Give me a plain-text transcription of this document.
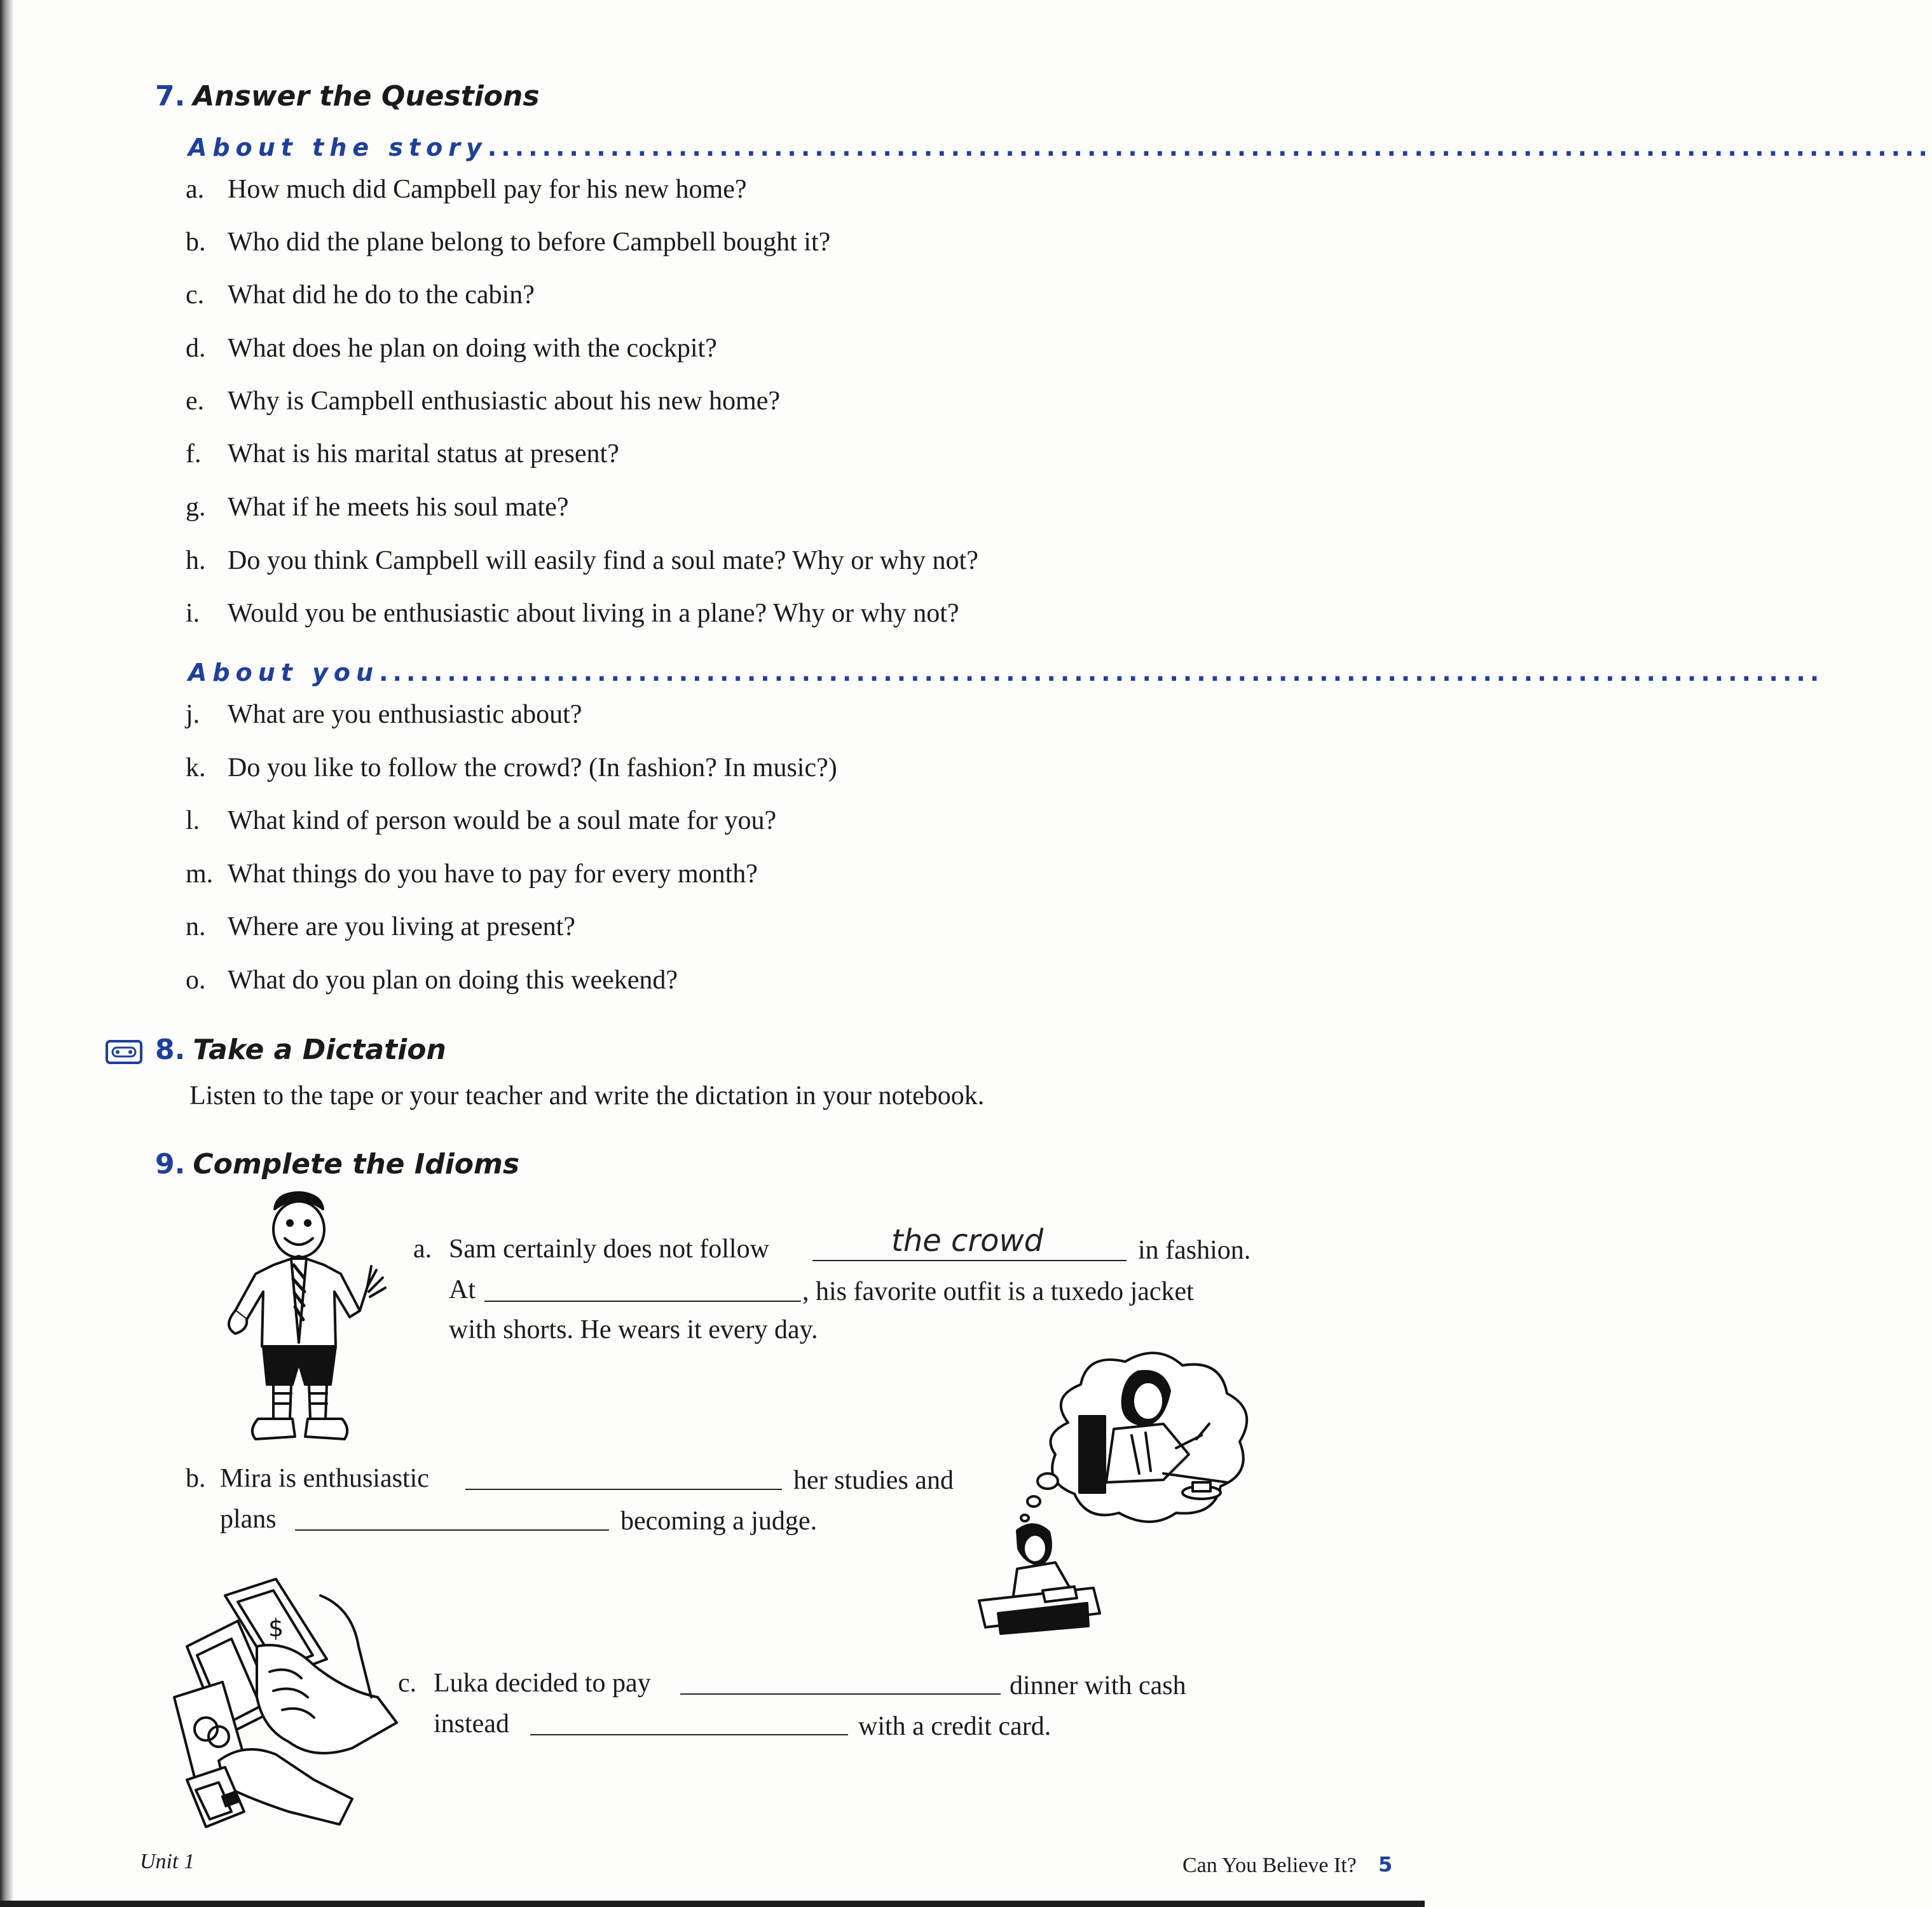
7. Answer the Questions
About the story..........................................................................................................
a. How much did Campbell pay for his new home?
b. Who did the plane belong to before Campbell bought it?
c. What did he do to the cabin?
d. What does he plan on doing with the cockpit?
e. Why is Campbell enthusiastic about his new home?
f. What is his marital status at present?
g. What if he meets his soul mate?
h. Do you think Campbell will easily find a soul mate? Why or why not?
i. Would you be enthusiastic about living in a plane? Why or why not?
About you..........................................................................................................
j. What are you enthusiastic about?
k. Do you like to follow the crowd? (In fashion? In music?)
l. What kind of person would be a soul mate for you?
m. What things do you have to pay for every month?
n. Where are you living at present?
o. What do you plan on doing this weekend?
8. Take a Dictation
Listen to the tape or your teacher and write the dictation in your notebook.
9. Complete the Idioms
a. Sam certainly does not follow	the crowd	in fashion.
At	, his favorite outfit is a tuxedo jacket
with shorts. He wears it every day.
b. Mira is enthusiastic	her studies and
plans	becoming a judge.
$
c. Luka decided to pay	dinner with cash
instead	with a credit card.
Unit 1	Can You Believe It? 5
